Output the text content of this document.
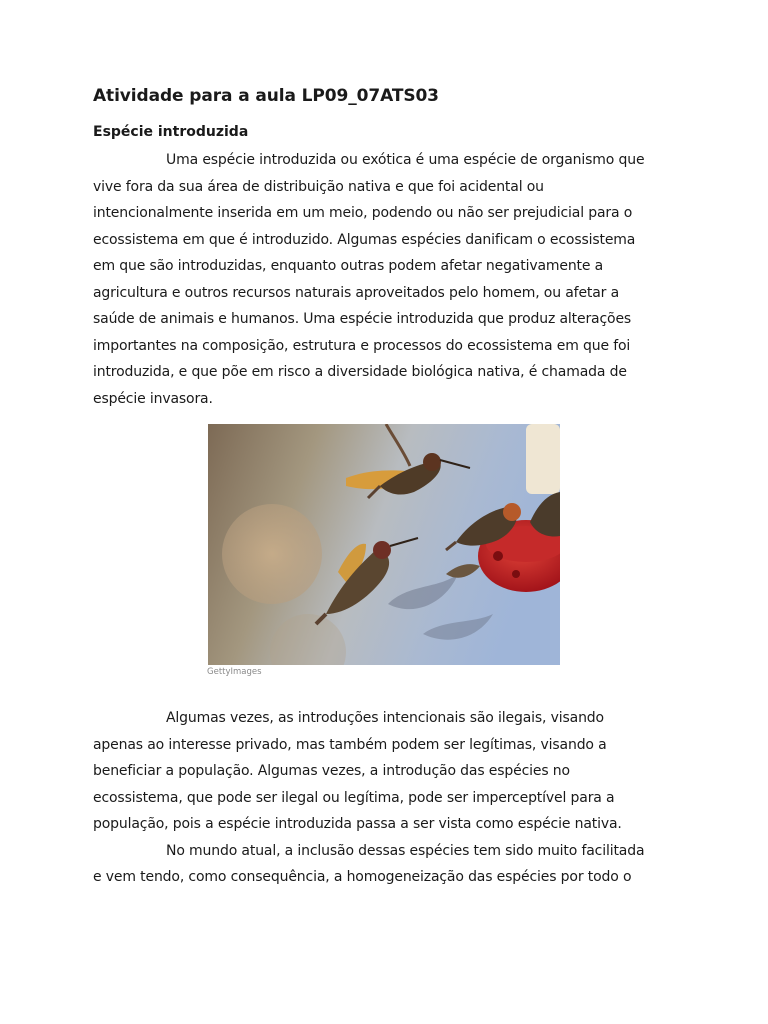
Atividade para a aula LP09_07ATS03
Espécie introduzida
Uma espécie introduzida ou exótica é uma espécie de organismo que
vive fora da sua área de distribuição nativa e que foi acidental ou
intencionalmente inserida em um meio, podendo ou não ser prejudicial para o
ecossistema em que é introduzido. Algumas espécies danificam o ecossistema
em que são introduzidas, enquanto outras podem afetar negativamente a
agricultura e outros recursos naturais aproveitados pelo homem, ou afetar a
saúde de animais e humanos. Uma espécie introduzida que produz alterações
importantes na composição, estrutura e processos do ecossistema em que foi
introduzida, e que põe em risco a diversidade biológica nativa, é chamada de
espécie invasora.
GettyImages
Algumas vezes, as introduções intencionais são ilegais, visando
apenas ao interesse privado, mas também podem ser legítimas, visando a
beneficiar a população. Algumas vezes, a introdução das espécies no
ecossistema, que pode ser ilegal ou legítima, pode ser imperceptível para a
população, pois a espécie introduzida passa a ser vista como espécie nativa.
No mundo atual, a inclusão dessas espécies tem sido muito facilitada
e vem tendo, como consequência, a homogeneização das espécies por todo o
